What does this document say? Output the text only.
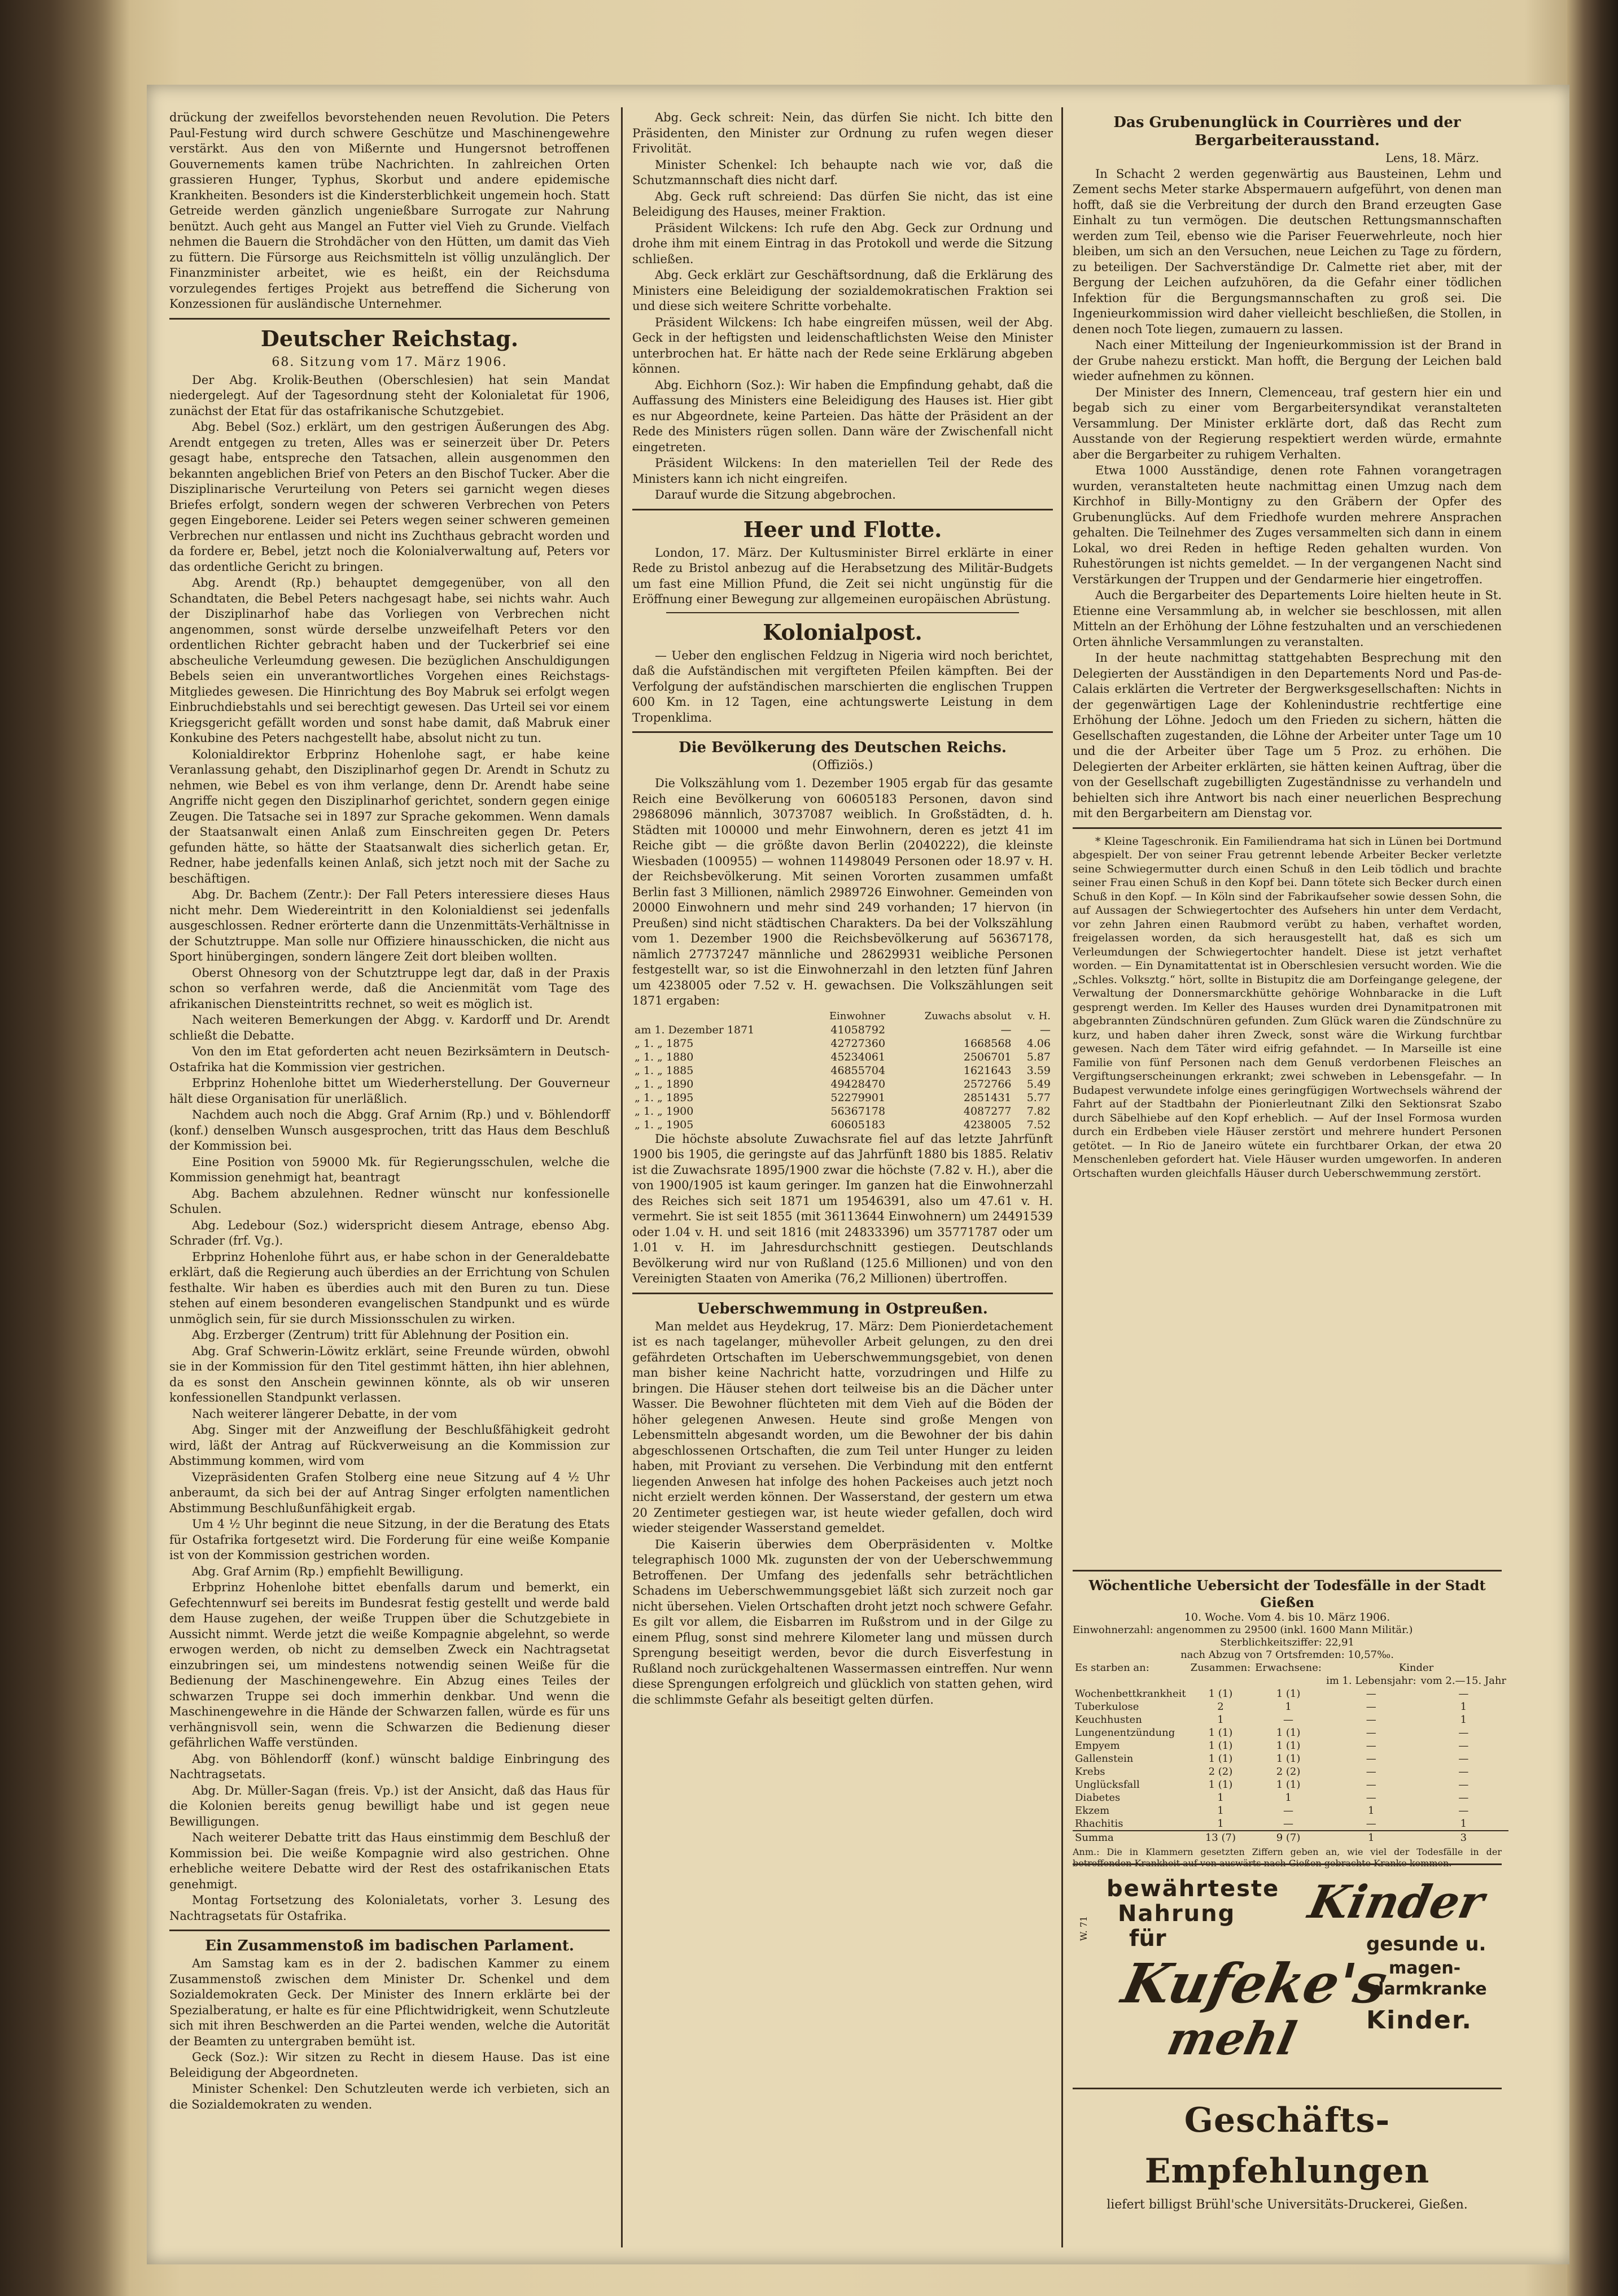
drückung der zweifellos bevorstehenden neuen Revolution. Die Peters Paul-Festung wird durch schwere Geschütze und Maschinengewehre verstärkt. Aus den von Mißernte und Hungersnot betroffenen Gouvernements kamen trübe Nachrichten. In zahlreichen Orten grassieren Hunger, Typhus, Skorbut und andere epidemische Krankheiten. Besonders ist die Kindersterblichkeit ungemein hoch. Statt Getreide werden gänzlich ungenießbare Surrogate zur Nahrung benützt. Auch geht aus Mangel an Futter viel Vieh zu Grunde. Vielfach nehmen die Bauern die Strohdächer von den Hütten, um damit das Vieh zu füttern. Die Fürsorge aus Reichsmitteln ist völlig unzulänglich. Der Finanzminister arbeitet, wie es heißt, ein der Reichsduma vorzulegendes fertiges Projekt aus betreffend die Sicherung von Konzessionen für ausländische Unternehmer.

Deutscher Reichstag.
68. Sitzung vom 17. März 1906.

Der Abg. Krolik-Beuthen (Oberschlesien) hat sein Mandat niedergelegt. Auf der Tagesordnung steht der Kolonialetat für 1906, zunächst der Etat für das ostafrikanische Schutzgebiet.

Abg. Bebel (Soz.) erklärt, um den gestrigen Äußerungen des Abg. Arendt entgegen zu treten, Alles was er seinerzeit über Dr. Peters gesagt habe, entspreche den Tatsachen, allein ausgenommen den bekannten angeblichen Brief von Peters an den Bischof Tucker. Aber die Disziplinarische Verurteilung von Peters sei garnicht wegen dieses Briefes erfolgt, sondern wegen der schweren Verbrechen von Peters gegen Eingeborene. Leider sei Peters wegen seiner schweren gemeinen Verbrechen nur entlassen und nicht ins Zuchthaus gebracht worden und da fordere er, Bebel, jetzt noch die Kolonialverwaltung auf, Peters vor das ordentliche Gericht zu bringen.

Abg. Arendt (Rp.) behauptet demgegenüber, von all den Schandtaten, die Bebel Peters nachgesagt habe, sei nichts wahr. Auch der Disziplinarhof habe das Vorliegen von Verbrechen nicht angenommen, sonst würde derselbe unzweifelhaft Peters vor den ordentlichen Richter gebracht haben und der Tuckerbrief sei eine abscheuliche Verleumdung gewesen. Die bezüglichen Anschuldigungen Bebels seien ein unverantwortliches Vorgehen eines Reichstags-Mitgliedes gewesen. Die Hinrichtung des Boy Mabruk sei erfolgt wegen Einbruchdiebstahls und sei berechtigt gewesen. Das Urteil sei vor einem Kriegsgericht gefällt worden und sonst habe damit, daß Mabruk einer Konkubine des Peters nachgestellt habe, absolut nicht zu tun.

Kolonialdirektor Erbprinz Hohenlohe sagt, er habe keine Veranlassung gehabt, den Disziplinarhof gegen Dr. Arendt in Schutz zu nehmen, wie Bebel es von ihm verlange, denn Dr. Arendt habe seine Angriffe nicht gegen den Disziplinarhof gerichtet, sondern gegen einige Zeugen. Die Tatsache sei in 1897 zur Sprache gekommen. Wenn damals der Staatsanwalt einen Anlaß zum Einschreiten gegen Dr. Peters gefunden hätte, so hätte der Staatsanwalt dies sicherlich getan. Er, Redner, habe jedenfalls keinen Anlaß, sich jetzt noch mit der Sache zu beschäftigen.

Abg. Dr. Bachem (Zentr.): Der Fall Peters interessiere dieses Haus nicht mehr. Dem Wiedereintritt in den Kolonialdienst sei jedenfalls ausgeschlossen. Redner erörterte dann die Unzenmittäts-Verhältnisse in der Schutztruppe. Man solle nur Offiziere hinausschicken, die nicht aus Sport hinübergingen, sondern längere Zeit dort bleiben wollten.

Oberst Ohnesorg von der Schutztruppe legt dar, daß in der Praxis schon so verfahren werde, daß die Ancienmität vom Tage des afrikanischen Diensteintritts rechnet, so weit es möglich ist.

Nach weiteren Bemerkungen der Abgg. v. Kardorff und Dr. Arendt schließt die Debatte.

Von den im Etat geforderten acht neuen Bezirksämtern in Deutsch-Ostafrika hat die Kommission vier gestrichen.

Erbprinz Hohenlohe bittet um Wiederherstellung. Der Gouverneur hält diese Organisation für unerläßlich.

Nachdem auch noch die Abgg. Graf Arnim (Rp.) und v. Böhlendorff (konf.) denselben Wunsch ausgesprochen, tritt das Haus dem Beschluß der Kommission bei.

Eine Position von 59000 Mk. für Regierungsschulen, welche die Kommission genehmigt hat, beantragt

Abg. Bachem abzulehnen. Redner wünscht nur konfessionelle Schulen.

Abg. Ledebour (Soz.) widerspricht diesem Antrage, ebenso Abg. Schrader (frf. Vg.).

Erbprinz Hohenlohe führt aus, er habe schon in der Generaldebatte erklärt, daß die Regierung auch überdies an der Errichtung von Schulen festhalte. Wir haben es überdies auch mit den Buren zu tun. Diese stehen auf einem besonderen evangelischen Standpunkt und es würde unmöglich sein, für sie durch Missionsschulen zu wirken.

Abg. Erzberger (Zentrum) tritt für Ablehnung der Position ein.

Abg. Graf Schwerin-Löwitz erklärt, seine Freunde würden, obwohl sie in der Kommission für den Titel gestimmt hätten, ihn hier ablehnen, da es sonst den Anschein gewinnen könnte, als ob wir unseren konfessionellen Standpunkt verlassen.

Nach weiterer längerer Debatte, in der vom

Abg. Singer mit der Anzweiflung der Beschlußfähigkeit gedroht wird, läßt der Antrag auf Rückverweisung an die Kommission zur Abstimmung kommen, wird vom

Vizepräsidenten Grafen Stolberg eine neue Sitzung auf 4 ½ Uhr anberaumt, da sich bei der auf Antrag Singer erfolgten namentlichen Abstimmung Beschlußunfähigkeit ergab.

Um 4 ½ Uhr beginnt die neue Sitzung, in der die Beratung des Etats für Ostafrika fortgesetzt wird. Die Forderung für eine weiße Kompanie ist von der Kommission gestrichen worden.

Abg. Graf Arnim (Rp.) empfiehlt Bewilligung.

Erbprinz Hohenlohe bittet ebenfalls darum und bemerkt, ein Gefechtennwurf sei bereits im Bundesrat festig gestellt und werde bald dem Hause zugehen, der weiße Truppen über die Schutzgebiete in Aussicht nimmt. Werde jetzt die weiße Kompagnie abgelehnt, so werde erwogen werden, ob nicht zu demselben Zweck ein Nachtragsetat einzubringen sei, um mindestens notwendig seinen Weiße für die Bedienung der Maschinengewehre. Ein Abzug eines Teiles der schwarzen Truppe sei doch immerhin denkbar. Und wenn die Maschinengewehre in die Hände der Schwarzen fallen, würde es für uns verhängnisvoll sein, wenn die Schwarzen die Bedienung dieser gefährlichen Waffe verstünden.

Abg. von Böhlendorff (konf.) wünscht baldige Einbringung des Nachtragsetats.

Abg. Dr. Müller-Sagan (freis. Vp.) ist der Ansicht, daß das Haus für die Kolonien bereits genug bewilligt habe und ist gegen neue Bewilligungen.

Nach weiterer Debatte tritt das Haus einstimmig dem Beschluß der Kommission bei. Die weiße Kompagnie wird also gestrichen. Ohne erhebliche weitere Debatte wird der Rest des ostafrikanischen Etats genehmigt.

Montag Fortsetzung des Kolonialetats, vorher 3. Lesung des Nachtragsetats für Ostafrika.

Ein Zusammenstoß im badischen Parlament.

Am Samstag kam es in der 2. badischen Kammer zu einem Zusammenstoß zwischen dem Minister Dr. Schenkel und dem Sozialdemokraten Geck. Der Minister des Innern erklärte bei der Spezialberatung, er halte es für eine Pflichtwidrigkeit, wenn Schutzleute sich mit ihren Beschwerden an die Partei wenden, welche die Autorität der Beamten zu untergraben bemüht ist.

Geck (Soz.): Wir sitzen zu Recht in diesem Hause. Das ist eine Beleidigung der Abgeordneten.

Minister Schenkel: Den Schutzleuten werde ich verbieten, sich an die Sozialdemokraten zu wenden.

Abg. Geck schreit: Nein, das dürfen Sie nicht. Ich bitte den Präsidenten, den Minister zur Ordnung zu rufen wegen dieser Frivolität.

Minister Schenkel: Ich behaupte nach wie vor, daß die Schutzmannschaft dies nicht darf.

Abg. Geck ruft schreiend: Das dürfen Sie nicht, das ist eine Beleidigung des Hauses, meiner Fraktion.

Präsident Wilckens: Ich rufe den Abg. Geck zur Ordnung und drohe ihm mit einem Eintrag in das Protokoll und werde die Sitzung schließen.

Abg. Geck erklärt zur Geschäftsordnung, daß die Erklärung des Ministers eine Beleidigung der sozialdemokratischen Fraktion sei und diese sich weitere Schritte vorbehalte.

Präsident Wilckens: Ich habe eingreifen müssen, weil der Abg. Geck in der heftigsten und leidenschaftlichsten Weise den Minister unterbrochen hat. Er hätte nach der Rede seine Erklärung abgeben können.

Abg. Eichhorn (Soz.): Wir haben die Empfindung gehabt, daß die Auffassung des Ministers eine Beleidigung des Hauses ist. Hier gibt es nur Abgeordnete, keine Parteien. Das hätte der Präsident an der Rede des Ministers rügen sollen. Dann wäre der Zwischenfall nicht eingetreten.

Präsident Wilckens: In den materiellen Teil der Rede des Ministers kann ich nicht eingreifen.

Darauf wurde die Sitzung abgebrochen.

Heer und Flotte.

London, 17. März. Der Kultusminister Birrel erklärte in einer Rede zu Bristol anbezug auf die Herabsetzung des Militär-Budgets um fast eine Million Pfund, die Zeit sei nicht ungünstig für die Eröffnung einer Bewegung zur allgemeinen europäischen Abrüstung.

Kolonialpost.

— Ueber den englischen Feldzug in Nigeria wird noch berichtet, daß die Aufständischen mit vergifteten Pfeilen kämpften. Bei der Verfolgung der aufständischen marschierten die englischen Truppen 600 Km. in 12 Tagen, eine achtungswerte Leistung in dem Tropenklima.

Die Bevölkerung des Deutschen Reichs.
(Offiziös.)

Die Volkszählung vom 1. Dezember 1905 ergab für das gesamte Reich eine Bevölkerung von 60605183 Personen, davon sind 29868096 männlich, 30737087 weiblich. In Großstädten, d. h. Städten mit 100000 und mehr Einwohnern, deren es jetzt 41 im Reiche gibt — die größte davon Berlin (2040222), die kleinste Wiesbaden (100955) — wohnen 11498049 Personen oder 18.97 v. H. der Reichsbevölkerung. Mit seinen Vororten zusammen umfaßt Berlin fast 3 Millionen, nämlich 2989726 Einwohner. Gemeinden von 20000 Einwohnern und mehr sind 249 vorhanden; 17 hiervon (in Preußen) sind nicht städtischen Charakters. Da bei der Volkszählung vom 1. Dezember 1900 die Reichsbevölkerung auf 56367178, nämlich 27737247 männliche und 28629931 weibliche Personen festgestellt war, so ist die Einwohnerzahl in den letzten fünf Jahren um 4238005 oder 7.52 v. H. gewachsen. Die Volkszählungen seit 1871 ergaben:

	Einwohner	Zuwachs absolut	v. H.
am 1. Dezember 1871	41058792	—	—
„ 1. „ 1875	42727360	1668568	4.06
„ 1. „ 1880	45234061	2506701	5.87
„ 1. „ 1885	46855704	1621643	3.59
„ 1. „ 1890	49428470	2572766	5.49
„ 1. „ 1895	52279901	2851431	5.77
„ 1. „ 1900	56367178	4087277	7.82
„ 1. „ 1905	60605183	4238005	7.52

Die höchste absolute Zuwachsrate fiel auf das letzte Jahrfünft 1900 bis 1905, die geringste auf das Jahrfünft 1880 bis 1885. Relativ ist die Zuwachsrate 1895/1900 zwar die höchste (7.82 v. H.), aber die von 1900/1905 ist kaum geringer. Im ganzen hat die Einwohnerzahl des Reiches sich seit 1871 um 19546391, also um 47.61 v. H. vermehrt. Sie ist seit 1855 (mit 36113644 Einwohnern) um 24491539 oder 1.04 v. H. und seit 1816 (mit 24833396) um 35771787 oder um 1.01 v. H. im Jahresdurchschnitt gestiegen. Deutschlands Bevölkerung wird nur von Rußland (125.6 Millionen) und von den Vereinigten Staaten von Amerika (76,2 Millionen) übertroffen.

Ueberschwemmung in Ostpreußen.

Man meldet aus Heydekrug, 17. März: Dem Pionierdetachement ist es nach tagelanger, mühevoller Arbeit gelungen, zu den drei gefährdeten Ortschaften im Ueberschwemmungsgebiet, von denen man bisher keine Nachricht hatte, vorzudringen und Hilfe zu bringen. Die Häuser stehen dort teilweise bis an die Dächer unter Wasser. Die Bewohner flüchteten mit dem Vieh auf die Böden der höher gelegenen Anwesen. Heute sind große Mengen von Lebensmitteln abgesandt worden, um die Bewohner der bis dahin abgeschlossenen Ortschaften, die zum Teil unter Hunger zu leiden haben, mit Proviant zu versehen. Die Verbindung mit den entfernt liegenden Anwesen hat infolge des hohen Packeises auch jetzt noch nicht erzielt werden können. Der Wasserstand, der gestern um etwa 20 Zentimeter gestiegen war, ist heute wieder gefallen, doch wird wieder steigender Wasserstand gemeldet.

Die Kaiserin überwies dem Oberpräsidenten v. Moltke telegraphisch 1000 Mk. zugunsten der von der Ueberschwemmung Betroffenen. Der Umfang des jedenfalls sehr beträchtlichen Schadens im Ueberschwemmungsgebiet läßt sich zurzeit noch gar nicht übersehen. Vielen Ortschaften droht jetzt noch schwere Gefahr. Es gilt vor allem, die Eisbarren im Rußstrom und in der Gilge zu einem Pflug, sonst sind mehrere Kilometer lang und müssen durch Sprengung beseitigt werden, bevor die durch Eisverfestung in Rußland noch zurückgehaltenen Wassermassen eintreffen. Nur wenn diese Sprengungen erfolgreich und glücklich von statten gehen, wird die schlimmste Gefahr als beseitigt gelten dürfen.

Das Grubenunglück in Courrières und der Bergarbeiterausstand.
Lens, 18. März.

In Schacht 2 werden gegenwärtig aus Bausteinen, Lehm und Zement sechs Meter starke Abspermauern aufgeführt, von denen man hofft, daß sie die Verbreitung der durch den Brand erzeugten Gase Einhalt zu tun vermögen. Die deutschen Rettungsmannschaften werden zum Teil, ebenso wie die Pariser Feuerwehrleute, noch hier bleiben, um sich an den Versuchen, neue Leichen zu Tage zu fördern, zu beteiligen. Der Sachverständige Dr. Calmette riet aber, mit der Bergung der Leichen aufzuhören, da die Gefahr einer tödlichen Infektion für die Bergungsmannschaften zu groß sei. Die Ingenieurkommission wird daher vielleicht beschließen, die Stollen, in denen noch Tote liegen, zumauern zu lassen.

Nach einer Mitteilung der Ingenieurkommission ist der Brand in der Grube nahezu erstickt. Man hofft, die Bergung der Leichen bald wieder aufnehmen zu können.

Der Minister des Innern, Clemenceau, traf gestern hier ein und begab sich zu einer vom Bergarbeitersyndikat veranstalteten Versammlung. Der Minister erklärte dort, daß das Recht zum Ausstande von der Regierung respektiert werden würde, ermahnte aber die Bergarbeiter zu ruhigem Verhalten.

Etwa 1000 Ausständige, denen rote Fahnen vorangetragen wurden, veranstalteten heute nachmittag einen Umzug nach dem Kirchhof in Billy-Montigny zu den Gräbern der Opfer des Grubenunglücks. Auf dem Friedhofe wurden mehrere Ansprachen gehalten. Die Teilnehmer des Zuges versammelten sich dann in einem Lokal, wo drei Reden in heftige Reden gehalten wurden. Von Ruhestörungen ist nichts gemeldet. — In der vergangenen Nacht sind Verstärkungen der Truppen und der Gendarmerie hier eingetroffen.

Auch die Bergarbeiter des Departements Loire hielten heute in St. Etienne eine Versammlung ab, in welcher sie beschlossen, mit allen Mitteln an der Erhöhung der Löhne festzuhalten und an verschiedenen Orten ähnliche Versammlungen zu veranstalten.

In der heute nachmittag stattgehabten Besprechung mit den Delegierten der Ausständigen in den Departements Nord und Pas-de-Calais erklärten die Vertreter der Bergwerksgesellschaften: Nichts in der gegenwärtigen Lage der Kohlenindustrie rechtfertige eine Erhöhung der Löhne. Jedoch um den Frieden zu sichern, hätten die Gesellschaften zugestanden, die Löhne der Arbeiter unter Tage um 10 und die der Arbeiter über Tage um 5 Proz. zu erhöhen. Die Delegierten der Arbeiter erklärten, sie hätten keinen Auftrag, über die von der Gesellschaft zugebilligten Zugeständnisse zu verhandeln und behielten sich ihre Antwort bis nach einer neuerlichen Besprechung mit den Bergarbeitern am Dienstag vor.

* Kleine Tageschronik. Ein Familiendrama hat sich in Lünen bei Dortmund abgespielt. Der von seiner Frau getrennt lebende Arbeiter Becker verletzte seine Schwiegermutter durch einen Schuß in den Leib tödlich und brachte seiner Frau einen Schuß in den Kopf bei. Dann tötete sich Becker durch einen Schuß in den Kopf. — In Köln sind der Fabrikaufseher sowie dessen Sohn, die auf Aussagen der Schwiegertochter des Aufsehers hin unter dem Verdacht, vor zehn Jahren einen Raubmord verübt zu haben, verhaftet worden, freigelassen worden, da sich herausgestellt hat, daß es sich um Verleumdungen der Schwiegertochter handelt. Diese ist jetzt verhaftet worden. — Ein Dynamitattentat ist in Oberschlesien versucht worden. Wie die „Schles. Volksztg.“ hört, sollte in Bistupitz die am Dorfeingange gelegene, der Verwaltung der Donnersmarckhütte gehörige Wohnbaracke in die Luft gesprengt werden. Im Keller des Hauses wurden drei Dynamitpatronen mit abgebrannten Zündschnüren gefunden. Zum Glück waren die Zündschnüre zu kurz, und haben daher ihren Zweck, sonst wäre die Wirkung furchtbar gewesen. Nach dem Täter wird eifrig gefahndet. — In Marseille ist eine Familie von fünf Personen nach dem Genuß verdorbenen Fleisches an Vergiftungserscheinungen erkrankt; zwei schweben in Lebensgefahr. — In Budapest verwundete infolge eines geringfügigen Wortwechsels während der Fahrt auf der Stadtbahn der Pionierleutnant Zilki den Sektionsrat Szabo durch Säbelhiebe auf den Kopf erheblich. — Auf der Insel Formosa wurden durch ein Erdbeben viele Häuser zerstört und mehrere hundert Personen getötet. — In Rio de Janeiro wütete ein furchtbarer Orkan, der etwa 20 Menschenleben gefordert hat. Viele Häuser wurden umgeworfen. In anderen Ortschaften wurden gleichfalls Häuser durch Ueberschwemmung zerstört.

Wöchentliche Uebersicht der Todesfälle in der Stadt Gießen
10. Woche. Vom 4. bis 10. März 1906.
Einwohnerzahl: angenommen zu 29500 (inkl. 1600 Mann Militär.)
Sterblichkeitsziffer: 22,91
nach Abzug von 7 Ortsfremden: 10,57‰.
Es starben an:	Zusammen:	Erwachsene:	Kinder	
			im 1. Lebensjahr:	vom 2.—15. Jahr
Wochenbettkrankheit	1 (1)	1 (1)	—	—
Tuberkulose	2	1	—	1
Keuchhusten	1	—	—	1
Lungenentzündung	1 (1)	1 (1)	—	—
Empyem	1 (1)	1 (1)	—	—
Gallenstein	1 (1)	1 (1)	—	—
Krebs	2 (2)	2 (2)	—	—
Unglücksfall	1 (1)	1 (1)	—	—
Diabetes	1	1	—	—
Ekzem	1	—	1	—
Rhachitis	1	—	—	1
Summa	13 (7)	9 (7)	1	3
Anm.: Die in Klammern gesetzten Ziffern geben an, wie viel der Todesfälle in der betreffenden Krankheit auf von auswärts nach Gießen gebrachte Kranke kommen.
W. 71
bewährteste
Nahrung
für
Kufeke's
Kinder
mehl
gesunde u.
magen-
darmkranke
Kinder.
Geschäfts-Empfehlungen
liefert billigst Brühl'sche Universitäts-Druckerei, Gießen.
